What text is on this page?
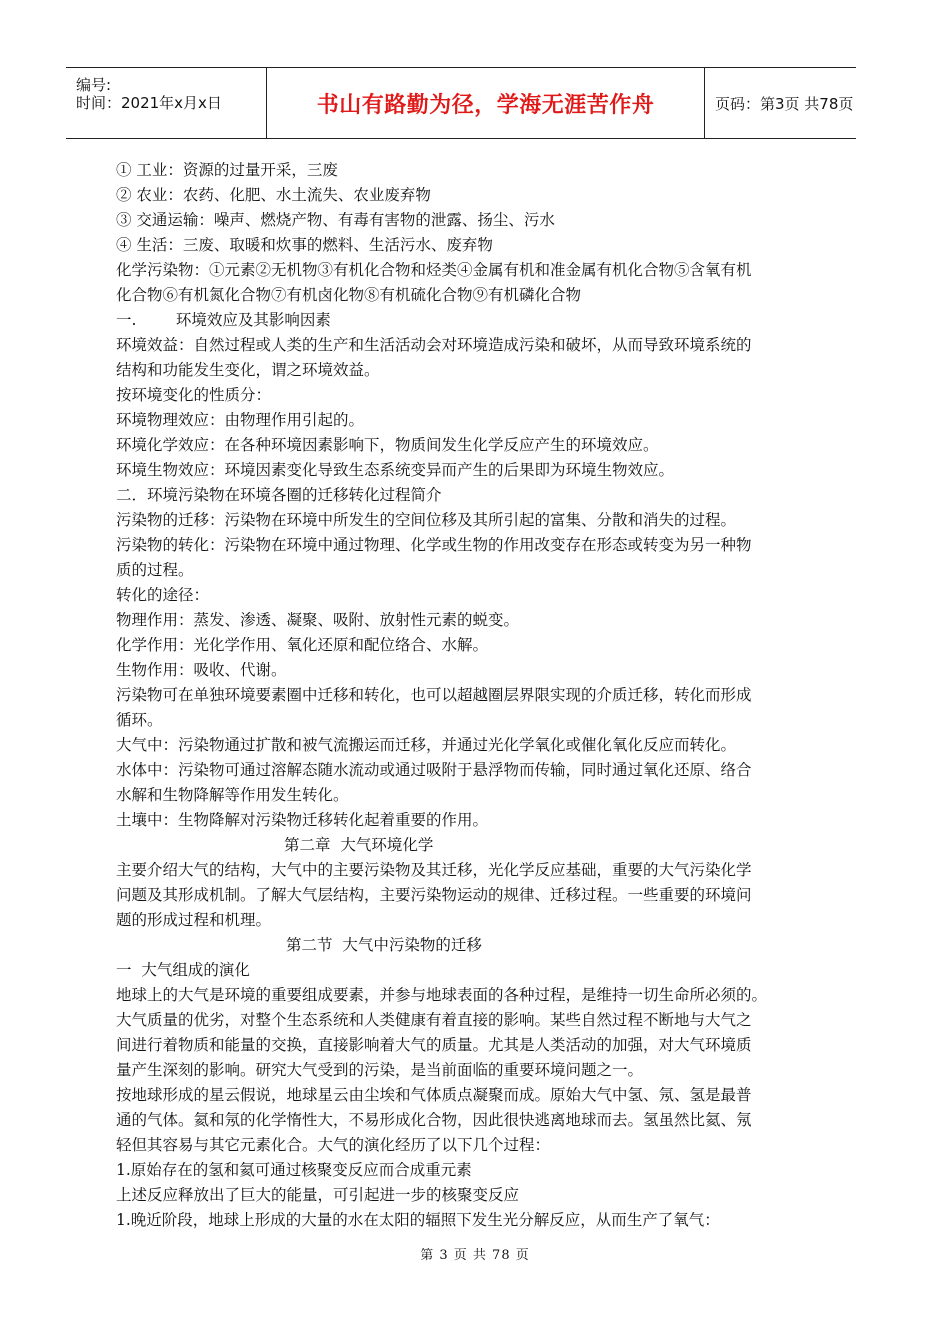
编号:
时间：2021年x月x日	书山有路勤为径，学海无涯苦作舟	页码：第3页 共78页

① 工业：资源的过量开采，三废

② 农业：农药、化肥、水土流失、农业废弃物

③ 交通运输：噪声、燃烧产物、有毒有害物的泄露、扬尘、污水

④ 生活：三废、取暖和炊事的燃料、生活污水、废弃物

化学污染物：①元素②无机物③有机化合物和烃类④金属有机和准金属有机化合物⑤含氧有机

化合物⑥有机氮化合物⑦有机卤化物⑧有机硫化合物⑨有机磷化合物

一.        环境效应及其影响因素

环境效益：自然过程或人类的生产和生活活动会对环境造成污染和破坏，从而导致环境系统的

结构和功能发生变化，谓之环境效益。

按环境变化的性质分：

环境物理效应：由物理作用引起的。

环境化学效应：在各种环境因素影响下，物质间发生化学反应产生的环境效应。

环境生物效应：环境因素变化导致生态系统变异而产生的后果即为环境生物效应。

二．环境污染物在环境各圈的迁移转化过程简介

污染物的迁移：污染物在环境中所发生的空间位移及其所引起的富集、分散和消失的过程。

污染物的转化：污染物在环境中通过物理、化学或生物的作用改变存在形态或转变为另一种物

质的过程。

转化的途径：

物理作用：蒸发、渗透、凝聚、吸附、放射性元素的蜕变。

化学作用：光化学作用、氧化还原和配位络合、水解。

生物作用：吸收、代谢。

污染物可在单独环境要素圈中迁移和转化，也可以超越圈层界限实现的介质迁移，转化而形成

循环。

大气中：污染物通过扩散和被气流搬运而迁移，并通过光化学氧化或催化氧化反应而转化。

水体中：污染物可通过溶解态随水流动或通过吸附于悬浮物而传输，同时通过氧化还原、络合

水解和生物降解等作用发生转化。

土壤中：生物降解对污染物迁移转化起着重要的作用。

第二章  大气环境化学

主要介绍大气的结构，大气中的主要污染物及其迁移，光化学反应基础，重要的大气污染化学

问题及其形成机制。了解大气层结构，主要污染物运动的规律、迁移过程。一些重要的环境问

题的形成过程和机理。

第二节  大气中污染物的迁移

一  大气组成的演化

地球上的大气是环境的重要组成要素，并参与地球表面的各种过程，是维持一切生命所必须的。

大气质量的优劣，对整个生态系统和人类健康有着直接的影响。某些自然过程不断地与大气之

间进行着物质和能量的交换，直接影响着大气的质量。尤其是人类活动的加强，对大气环境质

量产生深刻的影响。研究大气受到的污染，是当前面临的重要环境问题之一。

按地球形成的星云假说，地球星云由尘埃和气体质点凝聚而成。原始大气中氢、氖、氢是最普

通的气体。氦和氖的化学惰性大，不易形成化合物，因此很快逃离地球而去。氢虽然比氦、氖

轻但其容易与其它元素化合。大气的演化经历了以下几个过程：

1.原始存在的氢和氦可通过核聚变反应而合成重元素

上述反应释放出了巨大的能量，可引起进一步的核聚变反应

1.晚近阶段，地球上形成的大量的水在太阳的辐照下发生光分解反应，从而生产了氧气：

第 3 页 共 78 页
